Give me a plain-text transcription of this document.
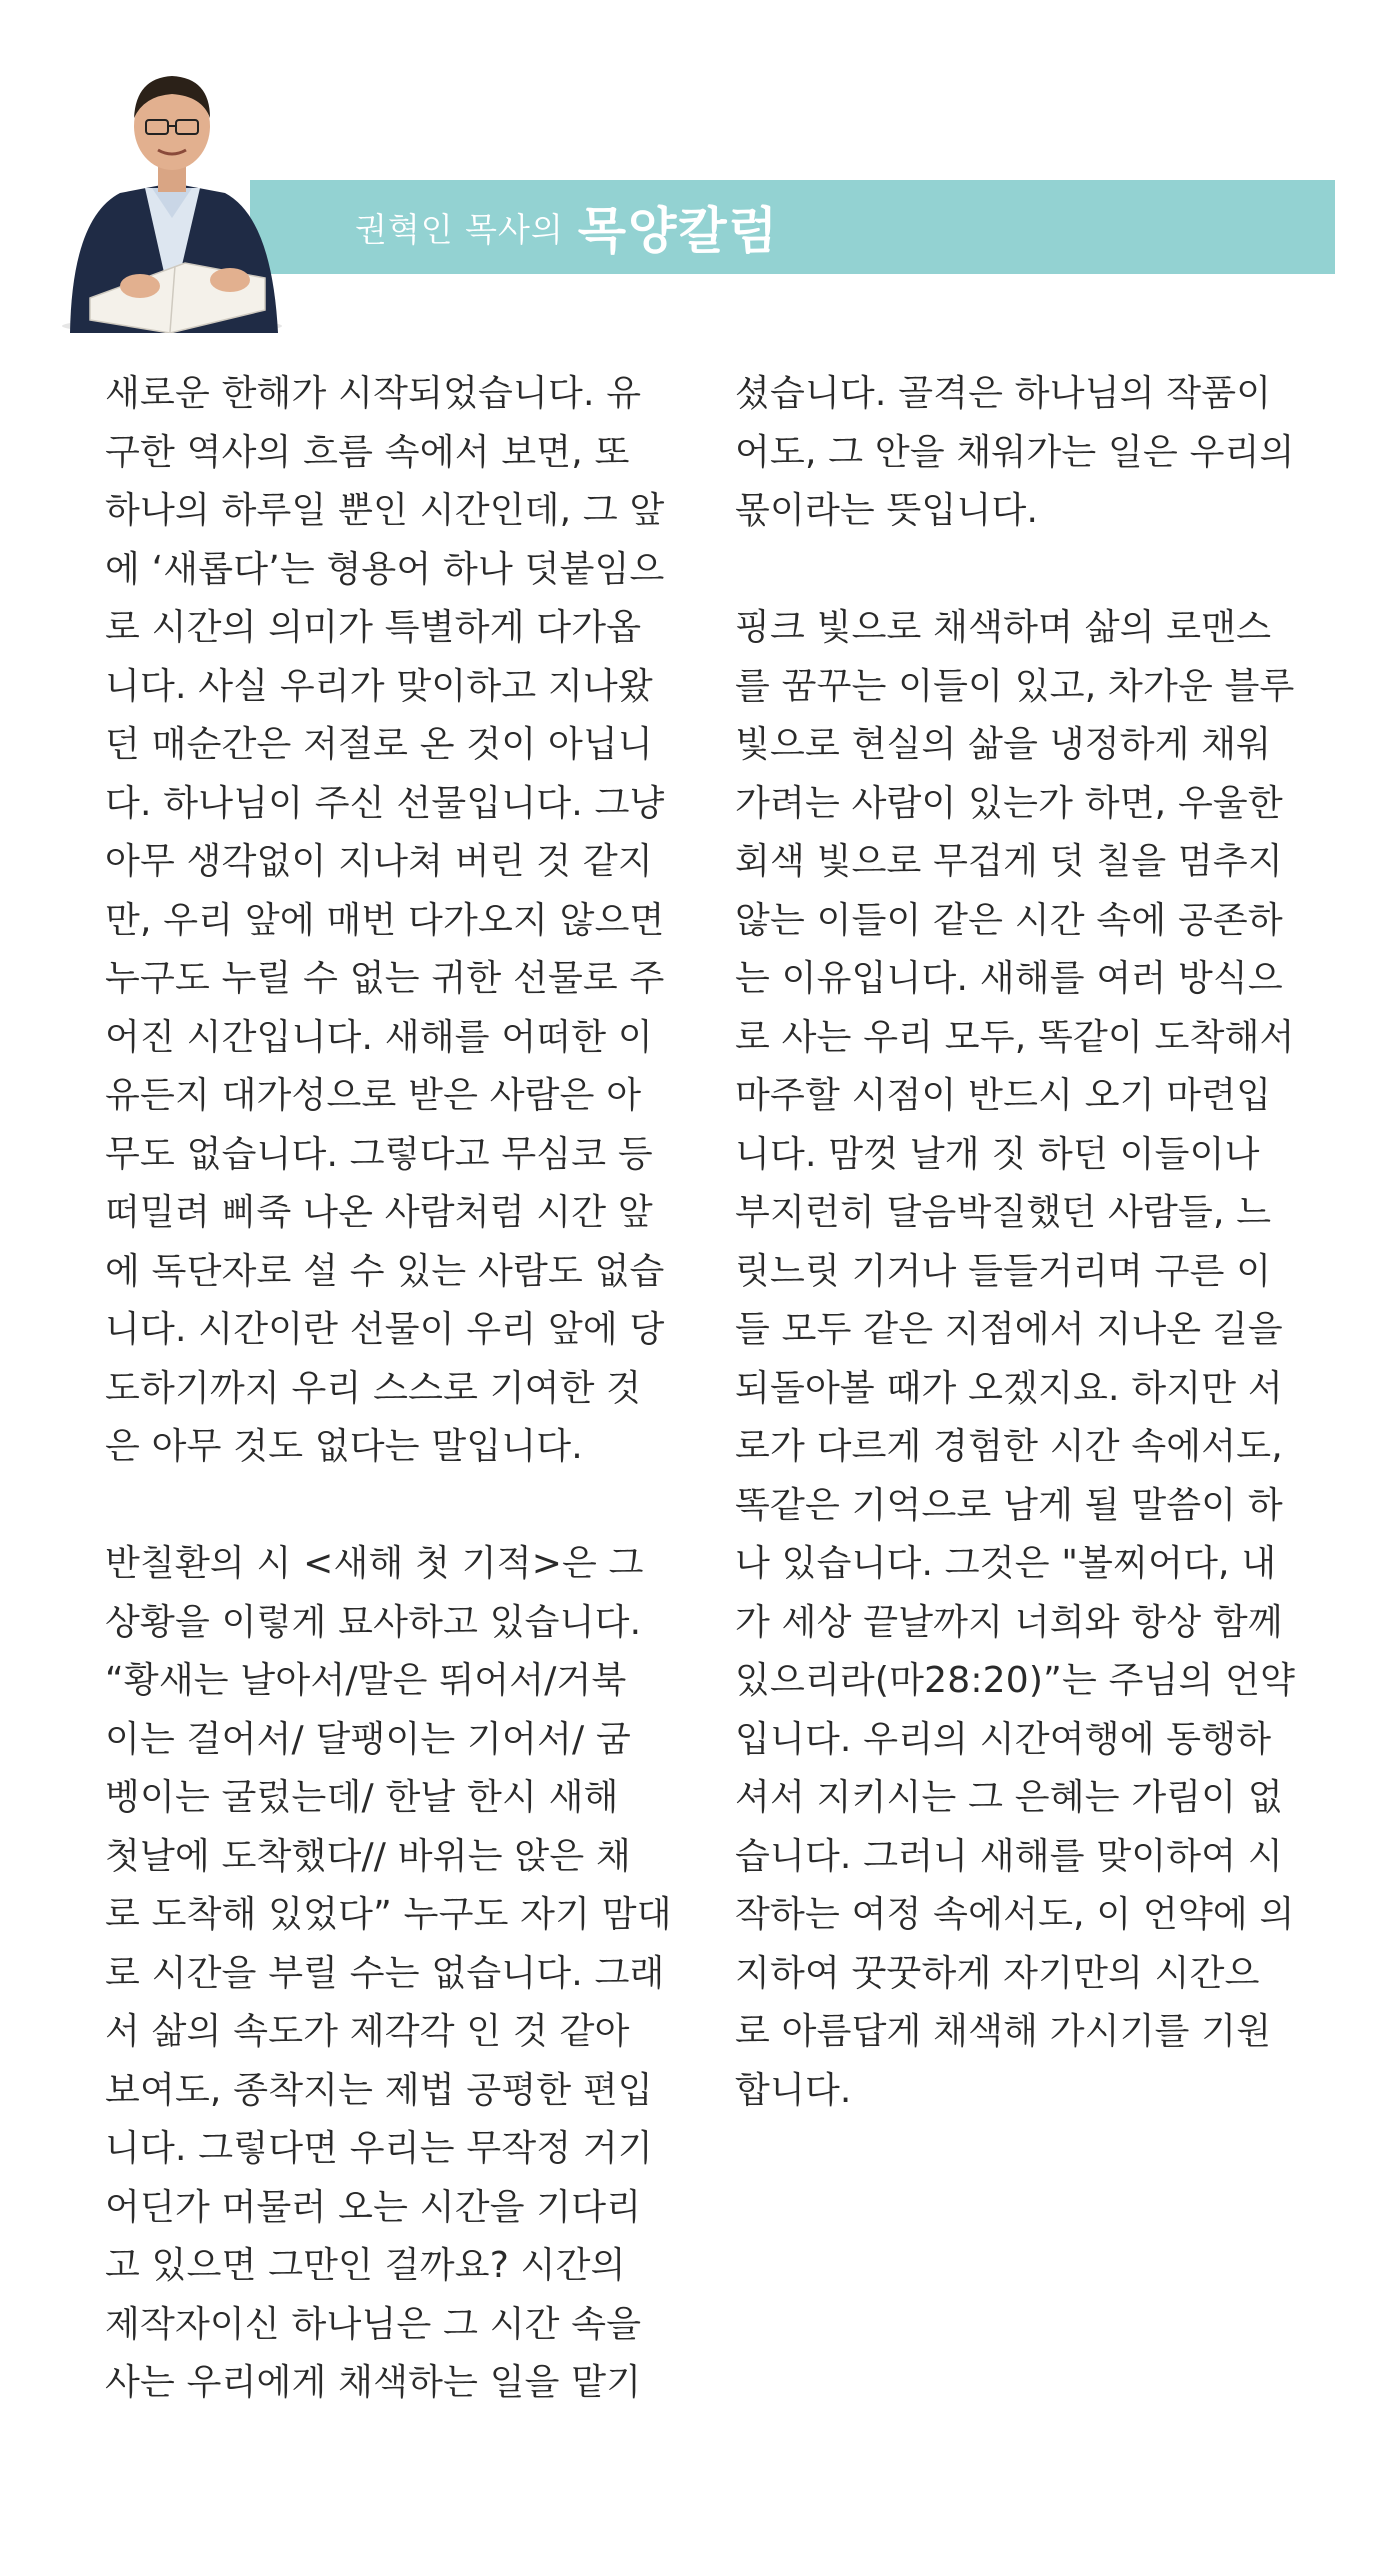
권혁인 목사의 목양칼럼

새로운 한해가 시작되었습니다. 유
구한 역사의 흐름 속에서 보면, 또
하나의 하루일 뿐인 시간인데, 그 앞
에 ‘새롭다’는 형용어 하나 덧붙임으
로 시간의 의미가 특별하게 다가옵
니다. 사실 우리가 맞이하고 지나왔
던 매순간은 저절로 온 것이 아닙니
다. 하나님이 주신 선물입니다. 그냥
아무 생각없이 지나쳐 버린 것 같지
만, 우리 앞에 매번 다가오지 않으면
누구도 누릴 수 없는 귀한 선물로 주
어진 시간입니다. 새해를 어떠한 이
유든지 대가성으로 받은 사람은 아
무도 없습니다. 그렇다고 무심코 등
떠밀려 삐죽 나온 사람처럼 시간 앞
에 독단자로 설 수 있는 사람도 없습
니다. 시간이란 선물이 우리 앞에 당
도하기까지 우리 스스로 기여한 것
은 아무 것도 없다는 말입니다.

반칠환의 시 <새해 첫 기적>은 그
상황을 이렇게 묘사하고 있습니다.
“황새는 날아서/말은 뛰어서/거북
이는 걸어서/ 달팽이는 기어서/ 굼
벵이는 굴렀는데/ 한날 한시 새해
첫날에 도착했다// 바위는 앉은 채
로 도착해 있었다” 누구도 자기 맘대
로 시간을 부릴 수는 없습니다. 그래
서 삶의 속도가 제각각 인 것 같아
보여도, 종착지는 제법 공평한 편입
니다. 그렇다면 우리는 무작정 거기
어딘가 머물러 오는 시간을 기다리
고 있으면 그만인 걸까요? 시간의
제작자이신 하나님은 그 시간 속을
사는 우리에게 채색하는 일을 맡기

셨습니다. 골격은 하나님의 작품이
어도, 그 안을 채워가는 일은 우리의
몫이라는 뜻입니다.

핑크 빛으로 채색하며 삶의 로맨스
를 꿈꾸는 이들이 있고, 차가운 블루
빛으로 현실의 삶을 냉정하게 채워
가려는 사람이 있는가 하면, 우울한
회색 빛으로 무겁게 덧 칠을 멈추지
않는 이들이 같은 시간 속에 공존하
는 이유입니다. 새해를 여러 방식으
로 사는 우리 모두, 똑같이 도착해서
마주할 시점이 반드시 오기 마련입
니다. 맘껏 날개 짓 하던 이들이나
부지런히 달음박질했던 사람들, 느
릿느릿 기거나 들들거리며 구른 이
들 모두 같은 지점에서 지나온 길을
되돌아볼 때가 오겠지요. 하지만 서
로가 다르게 경험한 시간 속에서도,
똑같은 기억으로 남게 될 말씀이 하
나 있습니다. 그것은 "볼찌어다, 내
가 세상 끝날까지 너희와 항상 함께
있으리라(마28:20)”는 주님의 언약
입니다. 우리의 시간여행에 동행하
셔서 지키시는 그 은혜는 가림이 없
습니다. 그러니 새해를 맞이하여 시
작하는 여정 속에서도, 이 언약에 의
지하여 꿋꿋하게 자기만의 시간으
로 아름답게 채색해 가시기를 기원
합니다.
